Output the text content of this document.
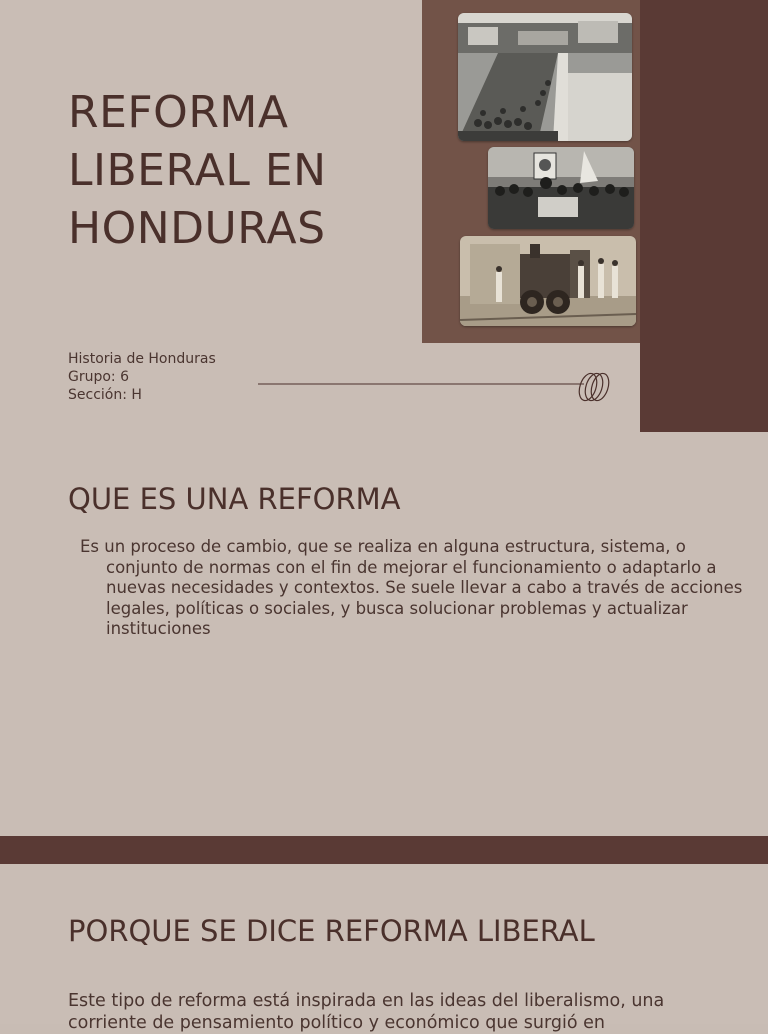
REFORMA LIBERAL EN HONDURAS
Historia de Honduras
Grupo: 6
Sección: H
QUE ES UNA REFORMA

Es un proceso de cambio, que se realiza en alguna estructura, sistema, o conjunto de normas con el fin de mejorar el funcionamiento o adaptarlo a nuevas necesidades y contextos. Se suele llevar a cabo a través de acciones legales, políticas o sociales, y busca solucionar problemas y actualizar instituciones

PORQUE SE DICE REFORMA LIBERAL

Este tipo de reforma está inspirada en las ideas del liberalismo, una corriente de pensamiento político y económico que surgió en
